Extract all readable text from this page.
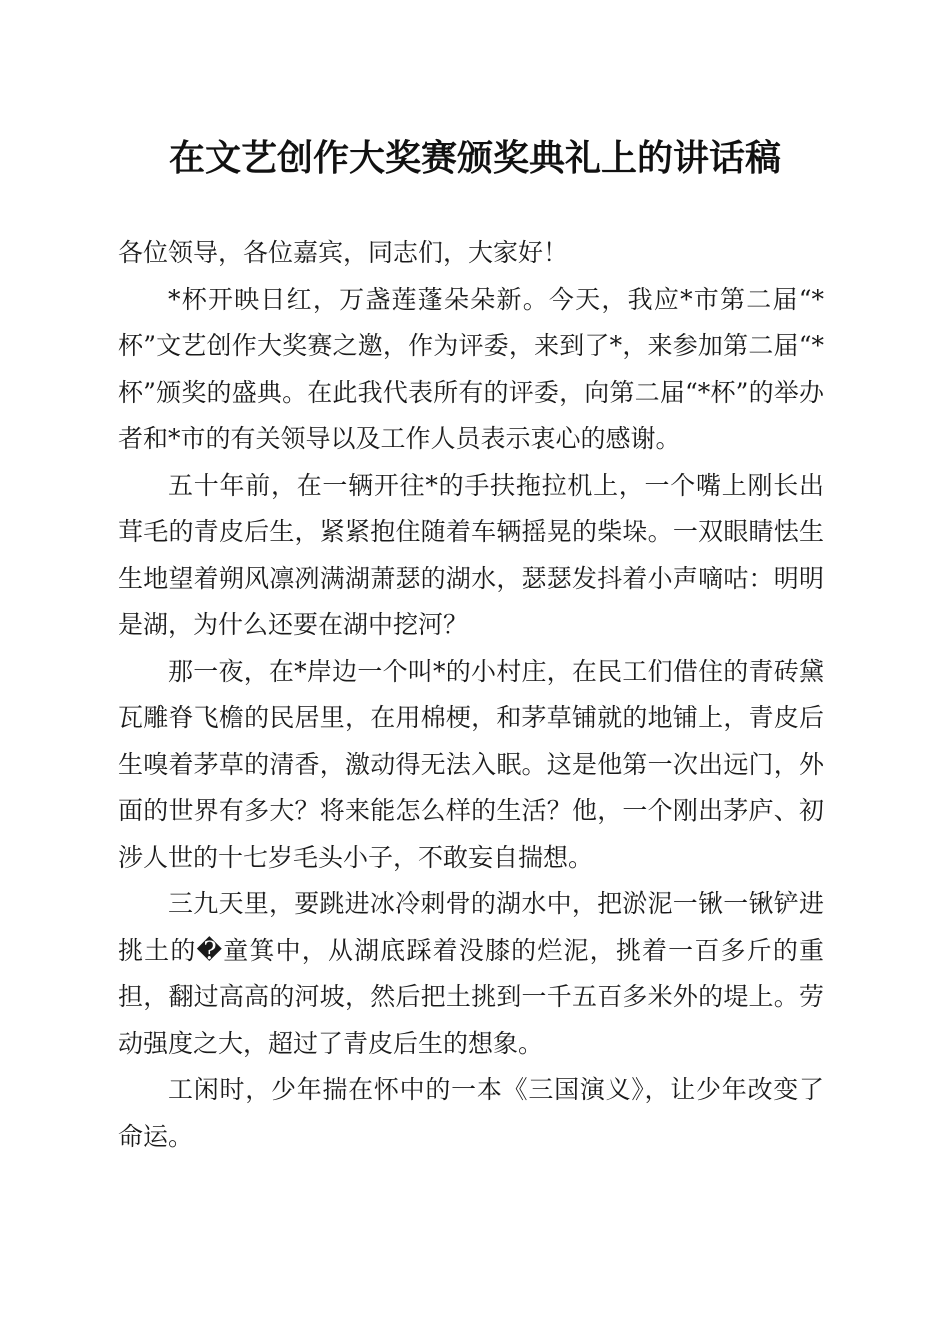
在文艺创作大奖赛颁奖典礼上的讲话稿

各位领导，各位嘉宾，同志们，大家好！

*杯开映日红，万盏莲蓬朵朵新。今天，我应*市第二届“*杯”文艺创作大奖赛之邀，作为评委，来到了*，来参加第二届“*杯”颁奖的盛典。在此我代表所有的评委，向第二届“*杯”的举办者和*市的有关领导以及工作人员表示衷心的感谢。

五十年前，在一辆开往*的手扶拖拉机上，一个嘴上刚长出茸毛的青皮后生，紧紧抱住随着车辆摇晃的柴垛。一双眼睛怯生生地望着朔风凛冽满湖萧瑟的湖水，瑟瑟发抖着小声嘀咕：明明是湖，为什么还要在湖中挖河？

那一夜，在*岸边一个叫*的小村庄，在民工们借住的青砖黛瓦雕脊飞檐的民居里，在用棉梗，和茅草铺就的地铺上，青皮后生嗅着茅草的清香，激动得无法入眠。这是他第一次出远门，外面的世界有多大？将来能怎么样的生活？他，一个刚出茅庐、初涉人世的十七岁毛头小子，不敢妄自揣想。

三九天里，要跳进冰冷刺骨的湖水中，把淤泥一锹一锹铲进挑土的�童箕中，从湖底踩着没膝的烂泥，挑着一百多斤的重担，翻过高高的河坡，然后把土挑到一千五百多米外的堤上。劳动强度之大，超过了青皮后生的想象。

工闲时，少年揣在怀中的一本《三国演义》，让少年改变了命运。
